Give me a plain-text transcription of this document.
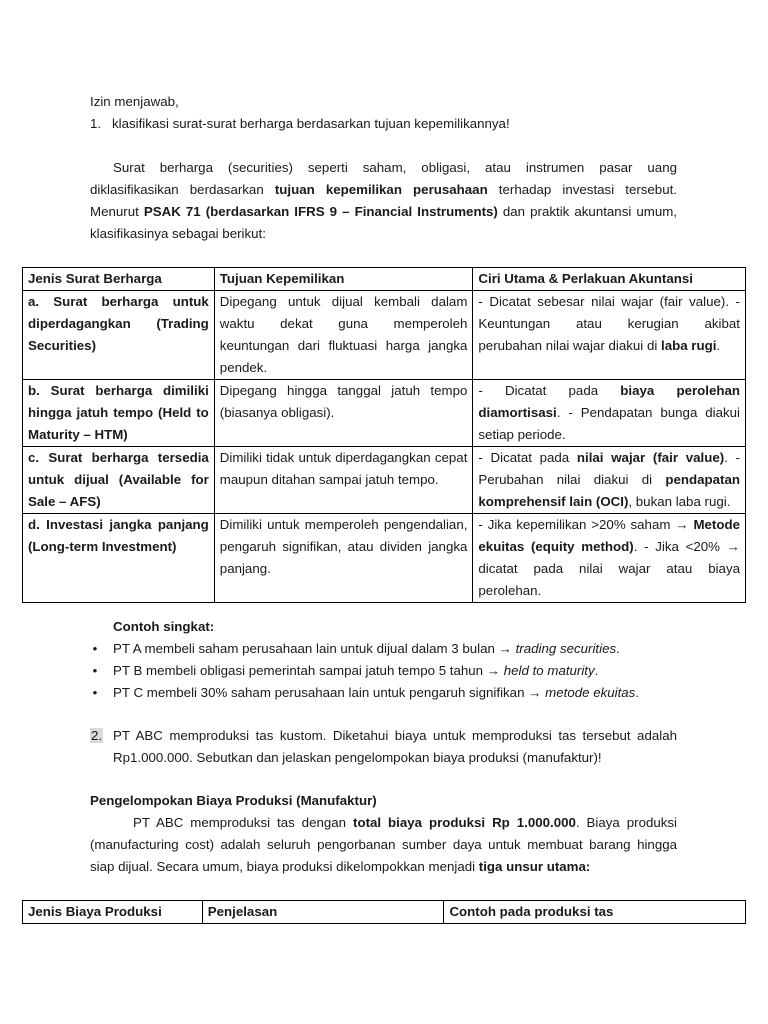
Izin menjawab,
1. klasifikasi surat-surat berharga berdasarkan tujuan kepemilikannya!
Surat berharga (securities) seperti saham, obligasi, atau instrumen pasar uang
diklasifikasikan berdasarkan tujuan kepemilikan perusahaan terhadap investasi tersebut.
Menurut PSAK 71 (berdasarkan IFRS 9 – Financial Instruments) dan praktik akuntansi umum,
klasifikasinya sebagai berikut:
Jenis Surat Berharga	Tujuan Kepemilikan	Ciri Utama & Perlakuan Akuntansi
a. Surat berharga untuk diperdagangkan (Trading Securities)	Dipegang untuk dijual kembali dalam waktu dekat guna memperoleh keuntungan dari fluktuasi harga jangka pendek.	- Dicatat sebesar nilai wajar (fair value). - Keuntungan atau kerugian akibat perubahan nilai wajar diakui di laba rugi.
b. Surat berharga dimiliki hingga jatuh tempo (Held to Maturity – HTM)	Dipegang hingga tanggal jatuh tempo (biasanya obligasi).	- Dicatat pada biaya perolehan diamortisasi. - Pendapatan bunga diakui setiap periode.
c. Surat berharga tersedia untuk dijual (Available for Sale – AFS)	Dimiliki tidak untuk diperdagangkan cepat maupun ditahan sampai jatuh tempo.	- Dicatat pada nilai wajar (fair value). - Perubahan nilai diakui di pendapatan komprehensif lain (OCI), bukan laba rugi.
d. Investasi jangka panjang (Long-term Investment)	Dimiliki untuk memperoleh pengendalian, pengaruh signifikan, atau dividen jangka panjang.	- Jika kepemilikan >20% saham → Metode ekuitas (equity method). - Jika <20% → dicatat pada nilai wajar atau biaya perolehan.
Contoh singkat:
• PT A membeli saham perusahaan lain untuk dijual dalam 3 bulan → trading securities.
• PT B membeli obligasi pemerintah sampai jatuh tempo 5 tahun → held to maturity.
• PT C membeli 30% saham perusahaan lain untuk pengaruh signifikan → metode ekuitas.
2. PT ABC memproduksi tas kustom. Diketahui biaya untuk memproduksi tas tersebut adalah
Rp1.000.000. Sebutkan dan jelaskan pengelompokan biaya produksi (manufaktur)!
Pengelompokan Biaya Produksi (Manufaktur)
PT ABC memproduksi tas dengan total biaya produksi Rp 1.000.000. Biaya produksi
(manufacturing cost) adalah seluruh pengorbanan sumber daya untuk membuat barang hingga
siap dijual. Secara umum, biaya produksi dikelompokkan menjadi tiga unsur utama:
Jenis Biaya Produksi	Penjelasan	Contoh pada produksi tas
